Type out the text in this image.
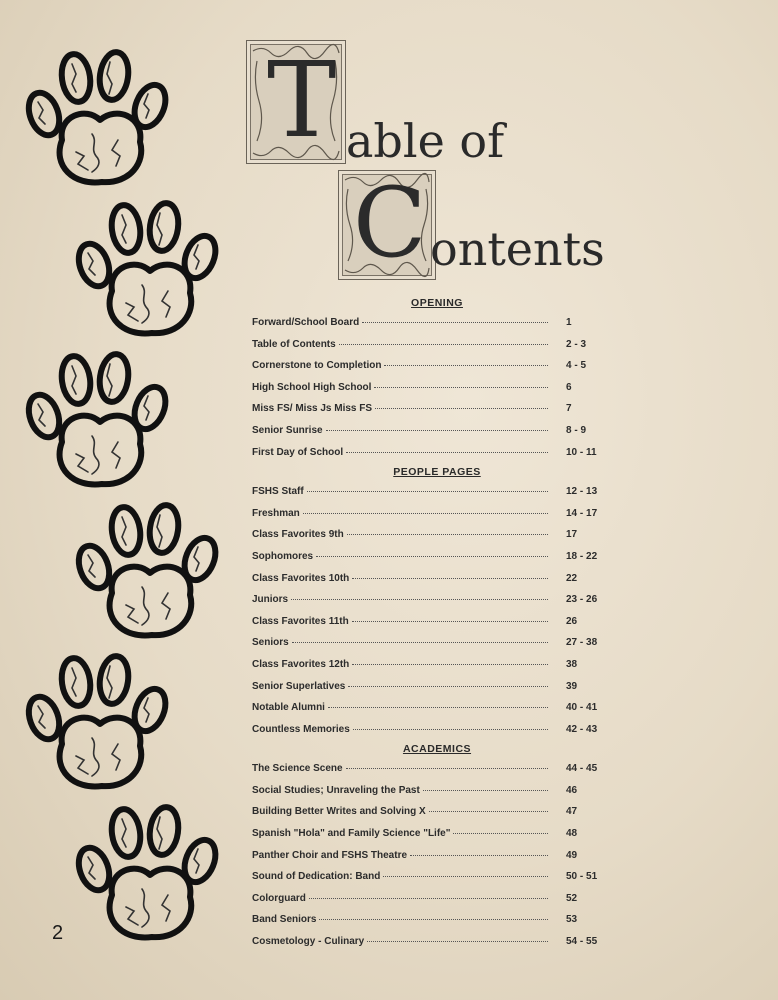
2
T able of
C ontents
OPENING
Forward/School Board	1
Table of Contents	2 - 3
Cornerstone to Completion	4 - 5
High School High School	6
Miss FS/ Miss Js Miss FS	7
Senior Sunrise	8 - 9
First Day of School	10 - 11
PEOPLE PAGES
FSHS Staff	12 - 13
Freshman	14 - 17
Class Favorites 9th	17
Sophomores	18 - 22
Class Favorites 10th	22
Juniors	23 - 26
Class Favorites 11th	26
Seniors	27 - 38
Class Favorites 12th	38
Senior Superlatives	39
Notable Alumni	40 - 41
Countless Memories	42 - 43
ACADEMICS
The Science Scene	44 - 45
Social Studies; Unraveling the Past	46
Building Better Writes and Solving X	47
Spanish "Hola" and Family Science "Life"	48
Panther Choir and FSHS Theatre	49
Sound of Dedication: Band	50 - 51
Colorguard	52
Band Seniors	53
Cosmetology - Culinary	54 - 55
